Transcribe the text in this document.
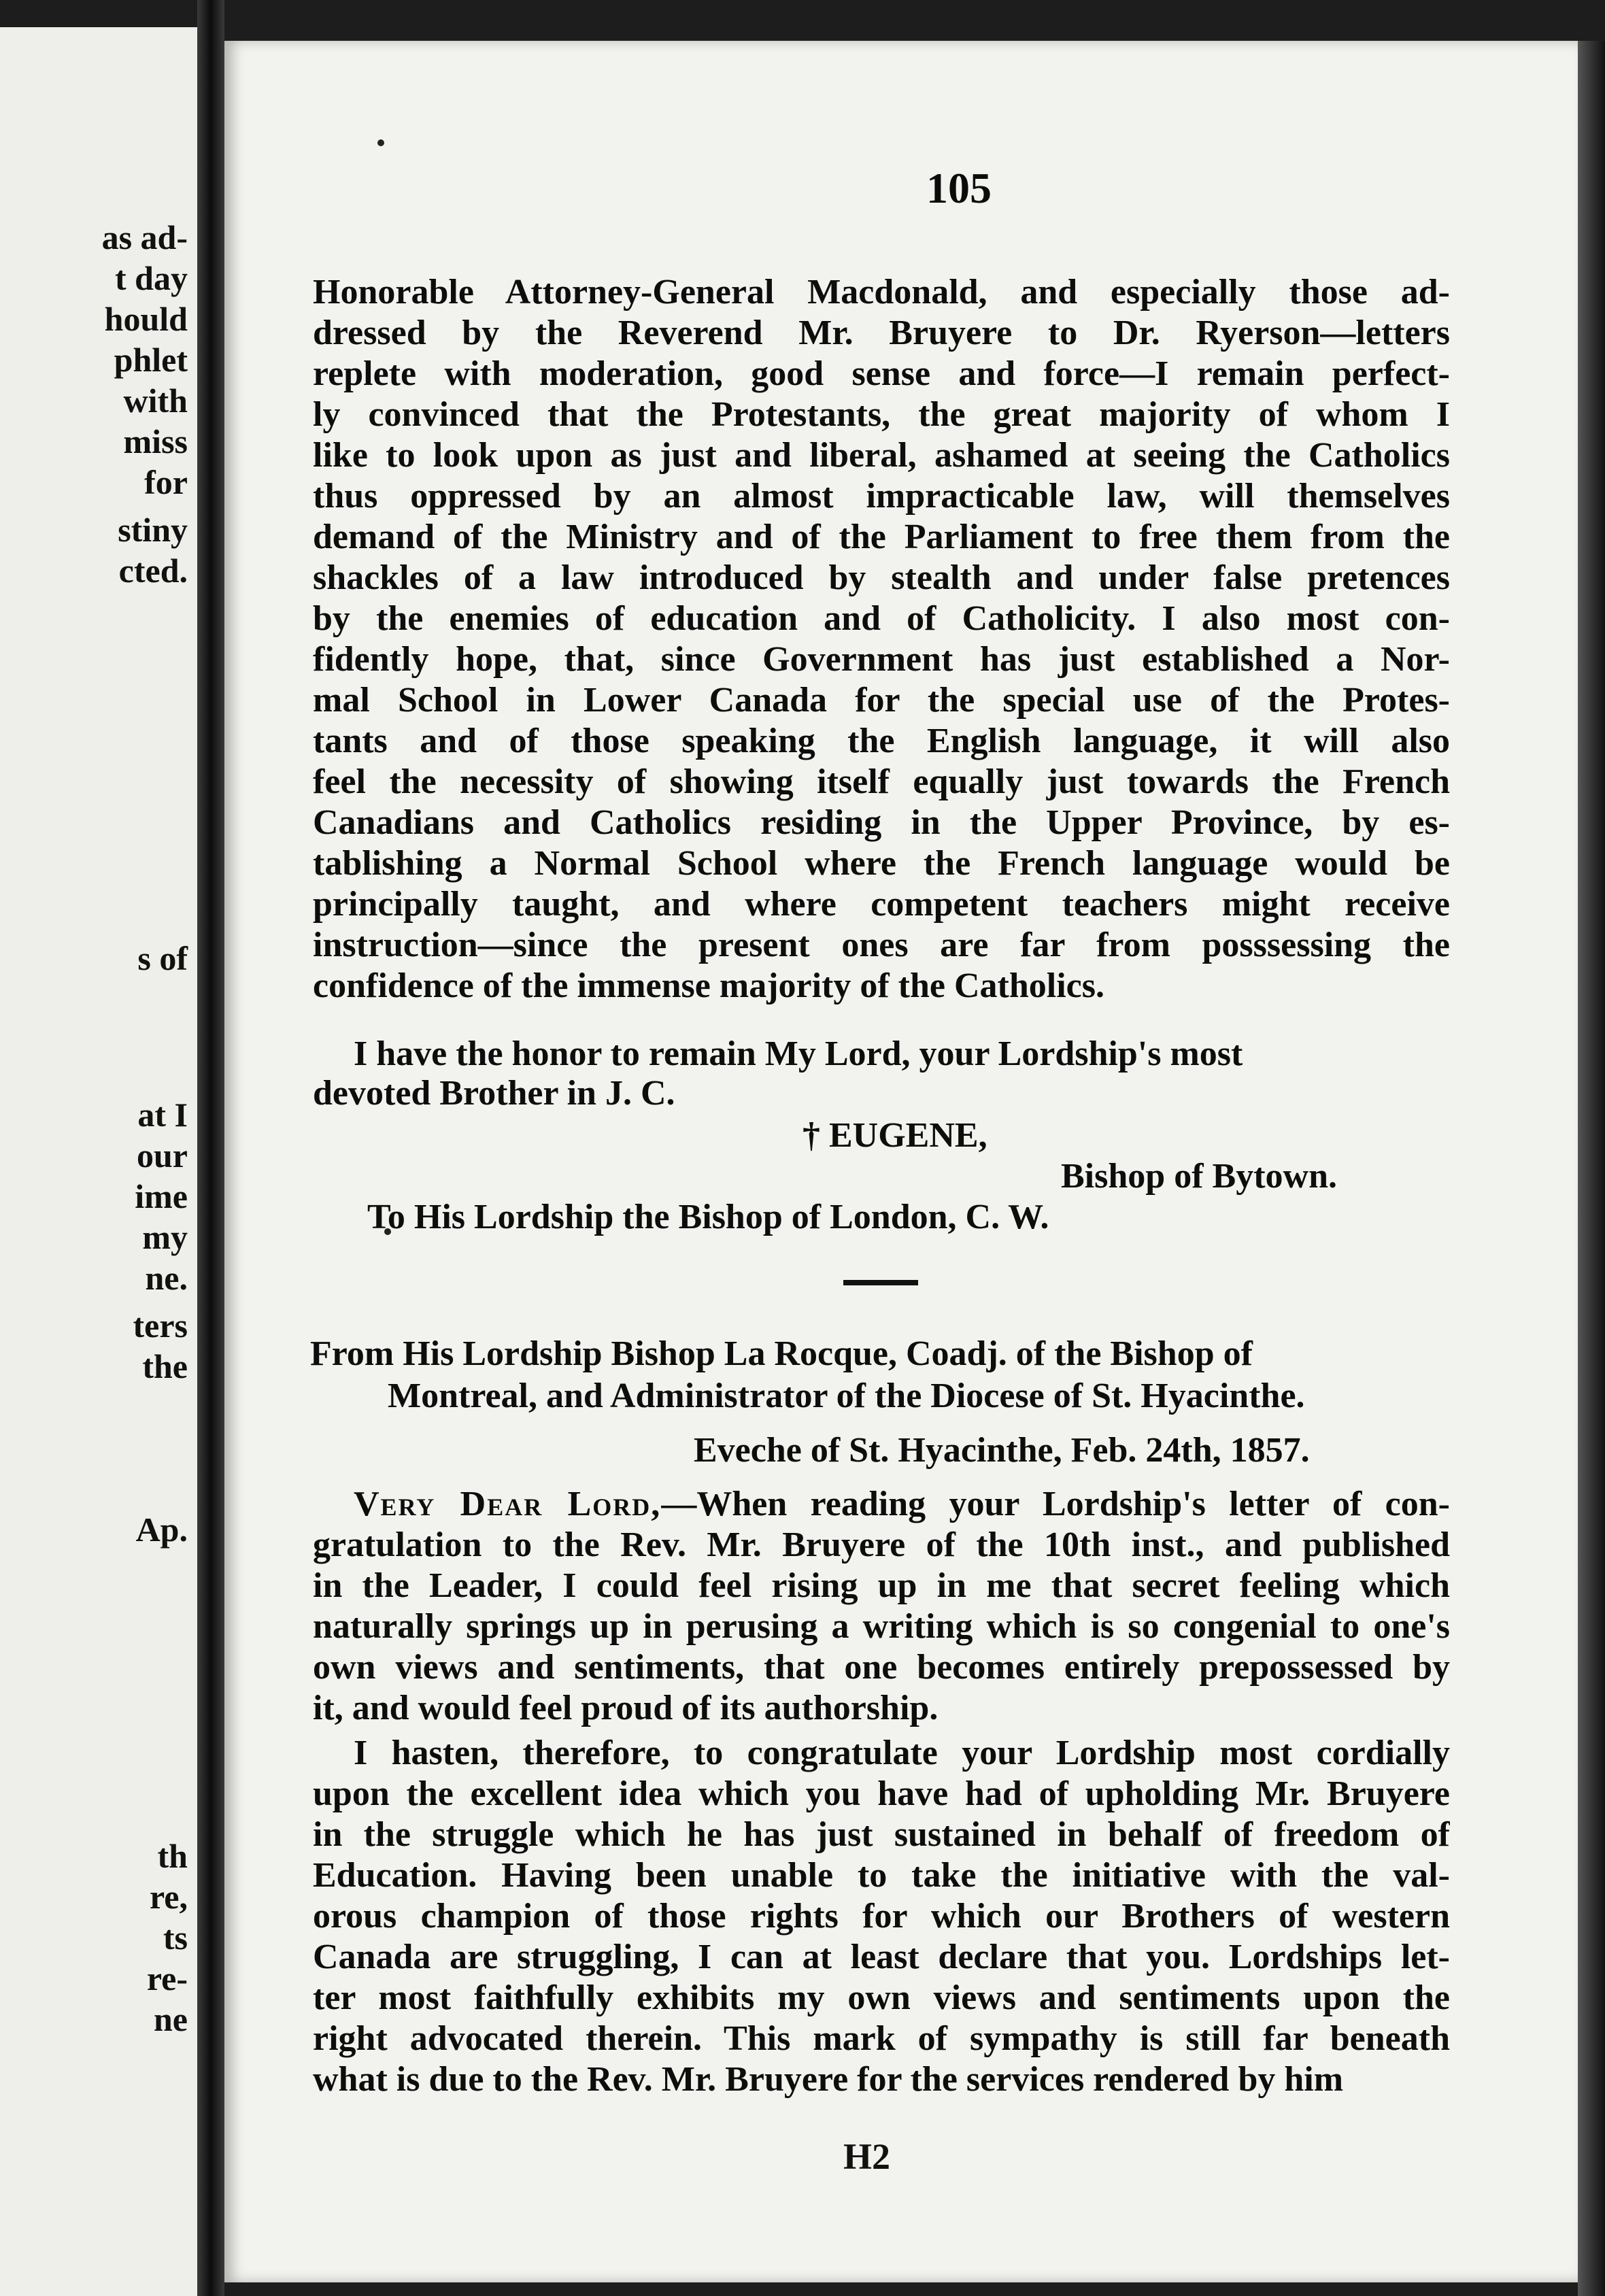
as ad-
t day
hould
phlet
with
miss
for
stiny
cted.
s of
at I
our
ime
my
ne.
ters
the
Ap.
th
re,
ts
re-
ne
105
Honorable Attorney-General Macdonald, and especially those ad-
dressed by the Reverend Mr. Bruyere to Dr. Ryerson—letters
replete with moderation, good sense and force—I remain perfect-
ly convinced that the Protestants, the great majority of whom I
like to look upon as just and liberal, ashamed at seeing the Catholics
thus oppressed by an almost impracticable law, will themselves
demand of the Ministry and of the Parliament to free them from the
shackles of a law introduced by stealth and under false pretences
by the enemies of education and of Catholicity. I also most con-
fidently hope, that, since Government has just established a Nor-
mal School in Lower Canada for the special use of the Protes-
tants and of those speaking the English language, it will also
feel the necessity of showing itself equally just towards the French
Canadians and Catholics residing in the Upper Province, by es-
tablishing a Normal School where the French language would be
principally taught, and where competent teachers might receive
instruction—since the present ones are far from posssessing the
confidence of the immense majority of the Catholics.
I have the honor to remain My Lord, your Lordship's most
devoted Brother in J. C.
† EUGENE,
Bishop of Bytown.
To His Lordship the Bishop of London, C. W.
From His Lordship Bishop La Rocque, Coadj. of the Bishop of
Montreal, and Administrator of the Diocese of St. Hyacinthe.
Eveche of St. Hyacinthe, Feb. 24th, 1857.
Very Dear Lord,—When reading your Lordship's letter of con-
gratulation to the Rev. Mr. Bruyere of the 10th inst., and published
in the Leader, I could feel rising up in me that secret feeling which
naturally springs up in perusing a writing which is so congenial to one's
own views and sentiments, that one becomes entirely prepossessed by
it, and would feel proud of its authorship.
I hasten, therefore, to congratulate your Lordship most cordially
upon the excellent idea which you have had of upholding Mr. Bruyere
in the struggle which he has just sustained in behalf of freedom of
Education. Having been unable to take the initiative with the val-
orous champion of those rights for which our Brothers of western
Canada are struggling, I can at least declare that you. Lordships let-
ter most faithfully exhibits my own views and sentiments upon the
right advocated therein. This mark of sympathy is still far beneath
what is due to the Rev. Mr. Bruyere for the services rendered by him
H2
